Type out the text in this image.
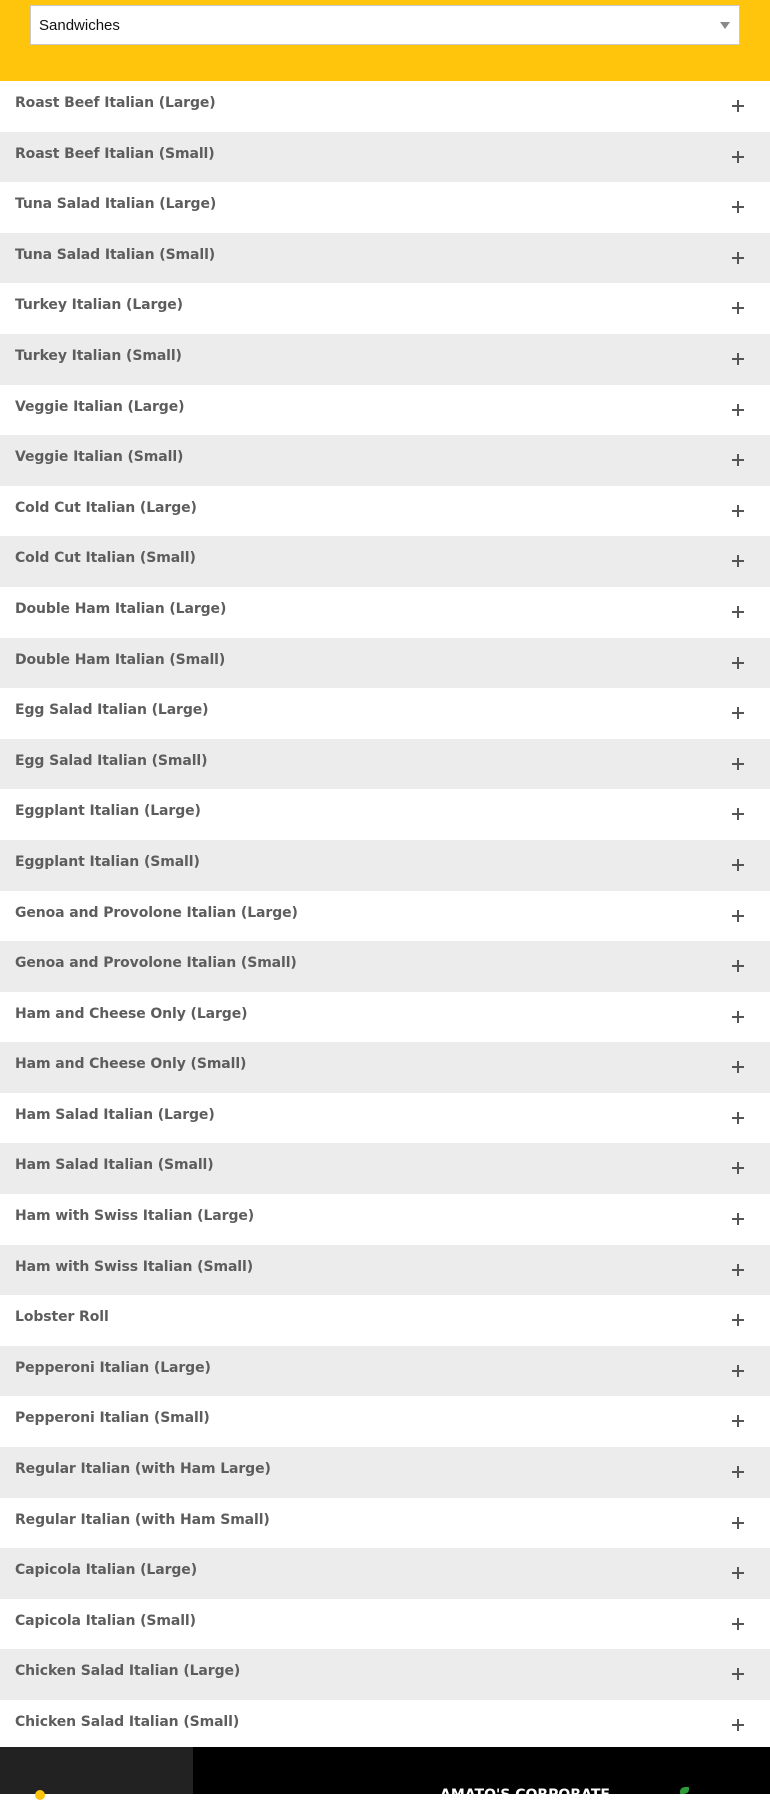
Sandwiches
Roast Beef Italian (Large)
Roast Beef Italian (Small)
Tuna Salad Italian (Large)
Tuna Salad Italian (Small)
Turkey Italian (Large)
Turkey Italian (Small)
Veggie Italian (Large)
Veggie Italian (Small)
Cold Cut Italian (Large)
Cold Cut Italian (Small)
Double Ham Italian (Large)
Double Ham Italian (Small)
Egg Salad Italian (Large)
Egg Salad Italian (Small)
Eggplant Italian (Large)
Eggplant Italian (Small)
Genoa and Provolone Italian (Large)
Genoa and Provolone Italian (Small)
Ham and Cheese Only (Large)
Ham and Cheese Only (Small)
Ham Salad Italian (Large)
Ham Salad Italian (Small)
Ham with Swiss Italian (Large)
Ham with Swiss Italian (Small)
Lobster Roll
Pepperoni Italian (Large)
Pepperoni Italian (Small)
Regular Italian (with Ham Large)
Regular Italian (with Ham Small)
Capicola Italian (Large)
Capicola Italian (Small)
Chicken Salad Italian (Large)
Chicken Salad Italian (Small)
AMATO'S CORPORATE
